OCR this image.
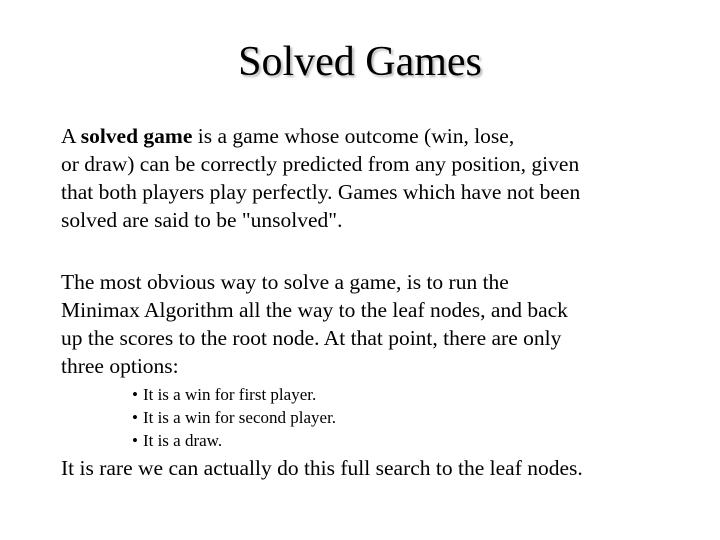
Solved Games
A solved game is a game whose outcome (win, lose,
or draw) can be correctly predicted from any position, given
that both players play perfectly. Games which have not been
solved are said to be "unsolved".
The most obvious way to solve a game, is to run the
Minimax Algorithm all the way to the leaf nodes, and back
up the scores to the root node. At that point, there are only
three options:
• It is a win for first player.
• It is a win for second player.
• It is a draw.
It is rare we can actually do this full search to the leaf nodes.
